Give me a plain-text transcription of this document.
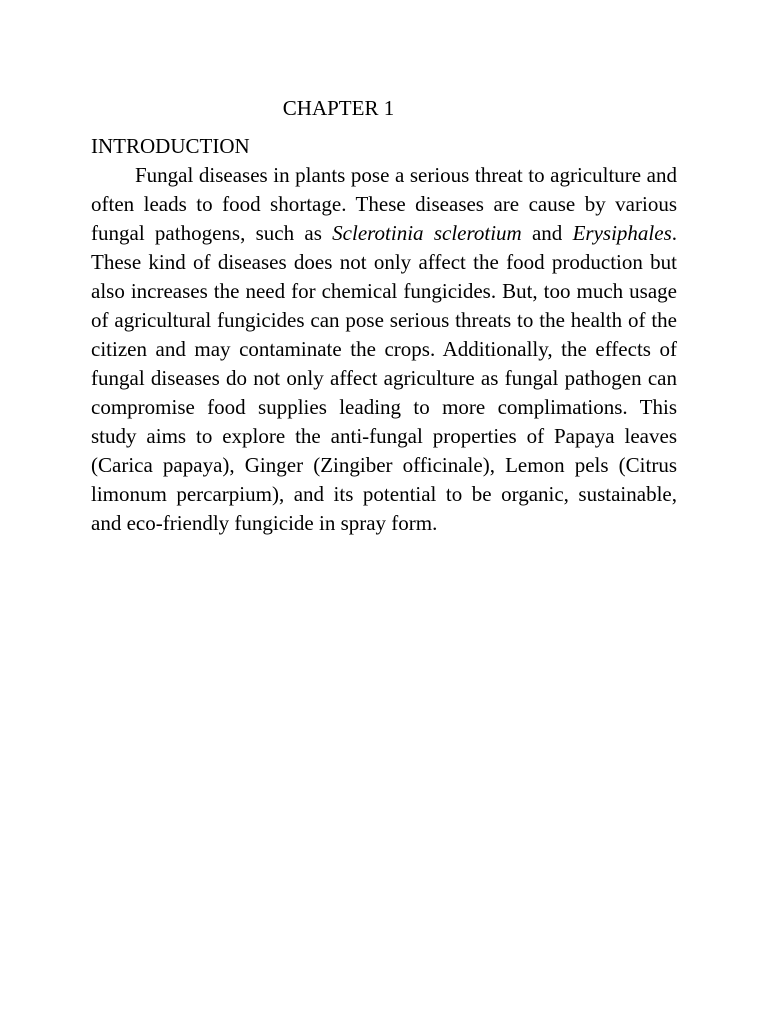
CHAPTER 1
INTRODUCTION

Fungal diseases in plants pose a serious threat to agriculture and often leads to food shortage. These diseases are cause by various fungal pathogens, such as Sclerotinia sclerotium and Erysiphales. These kind of diseases does not only affect the food production but also increases the need for chemical fungicides. But, too much usage of agricultural fungicides can pose serious threats to the health of the citizen and may contaminate the crops. Additionally, the effects of fungal diseases do not only affect agriculture as fungal pathogen can compromise food supplies leading to more complimations. This study aims to explore the anti-fungal properties of Papaya leaves (Carica papaya), Ginger (Zingiber officinale), Lemon pels (Citrus limonum percarpium), and its potential to be organic, sustainable, and eco-friendly fungicide in spray form.
